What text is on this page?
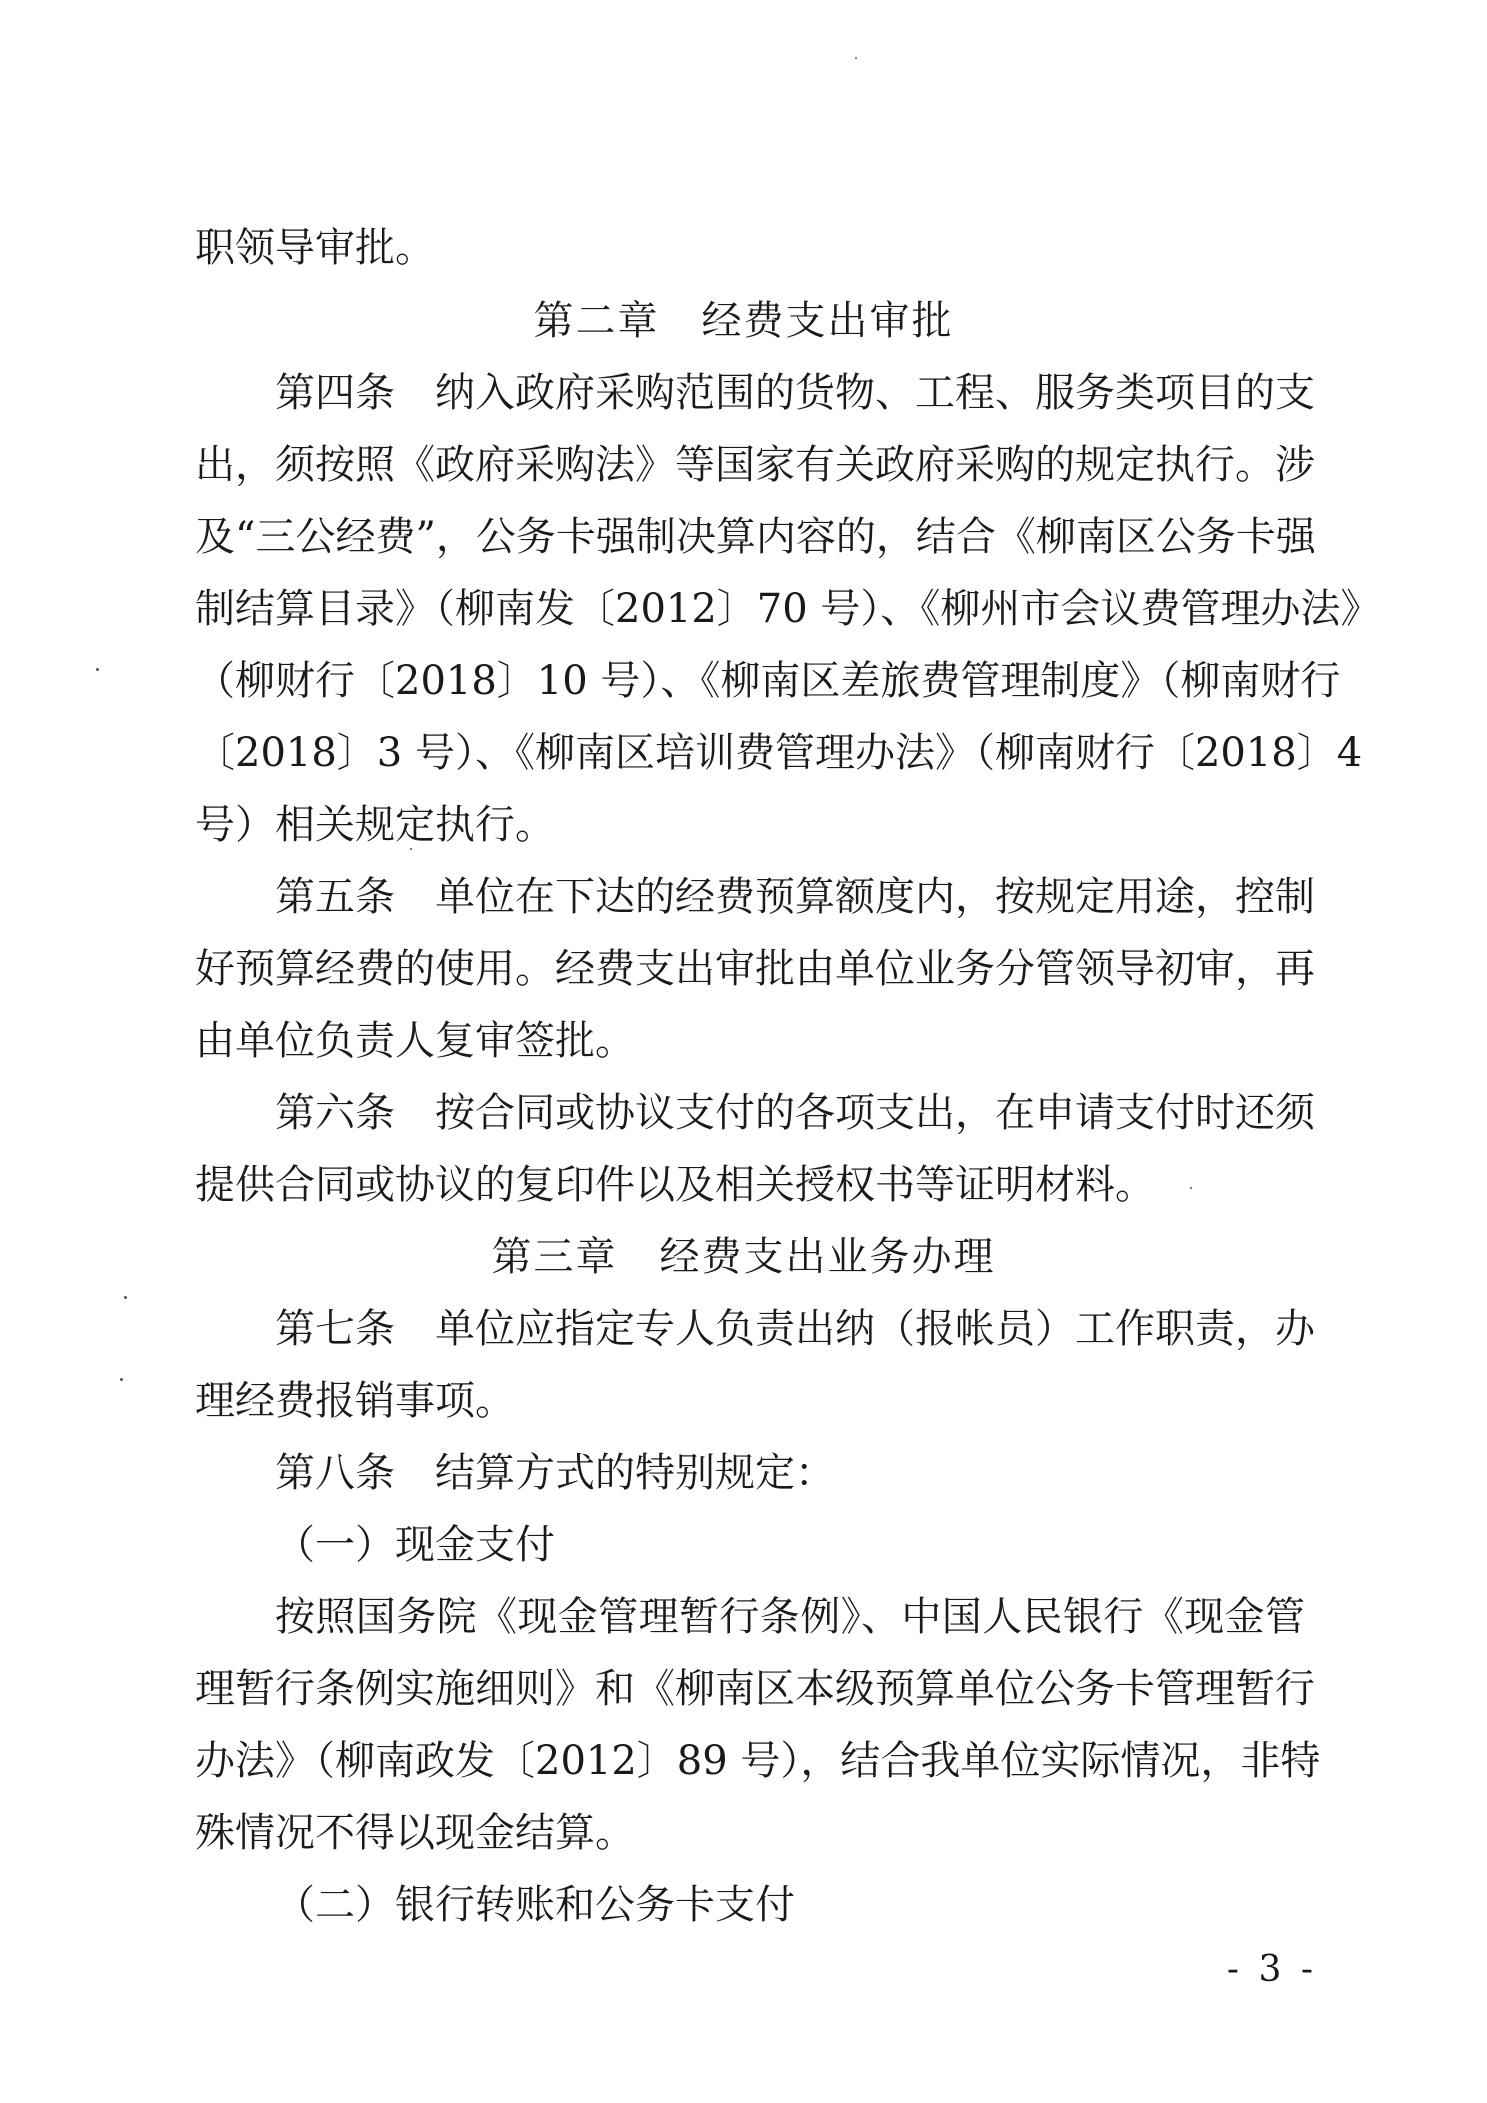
职领导审批。
第二章　经费支出审批
第四条　纳入政府采购范围的货物、工程、服务类项目的支
出，须按照《政府采购法》等国家有关政府采购的规定执行。涉
及“三公经费”，公务卡强制决算内容的，结合《柳南区公务卡强
制结算目录》（柳南发〔2012〕70 号）、《柳州市会议费管理办法》
（柳财行〔2018〕10 号）、《柳南区差旅费管理制度》（柳南财行
〔2018〕3 号）、《柳南区培训费管理办法》（柳南财行〔2018〕4
号）相关规定执行。
第五条　单位在下达的经费预算额度内，按规定用途，控制
好预算经费的使用。经费支出审批由单位业务分管领导初审，再
由单位负责人复审签批。
第六条　按合同或协议支付的各项支出，在申请支付时还须
提供合同或协议的复印件以及相关授权书等证明材料。
第三章　经费支出业务办理
第七条　单位应指定专人负责出纳（报帐员）工作职责，办
理经费报销事项。
第八条　结算方式的特别规定：
（一）现金支付
按照国务院《现金管理暂行条例》、中国人民银行《现金管
理暂行条例实施细则》和《柳南区本级预算单位公务卡管理暂行
办法》（柳南政发〔2012〕89 号），结合我单位实际情况，非特
殊情况不得以现金结算。
（二）银行转账和公务卡支付
- 3 -
